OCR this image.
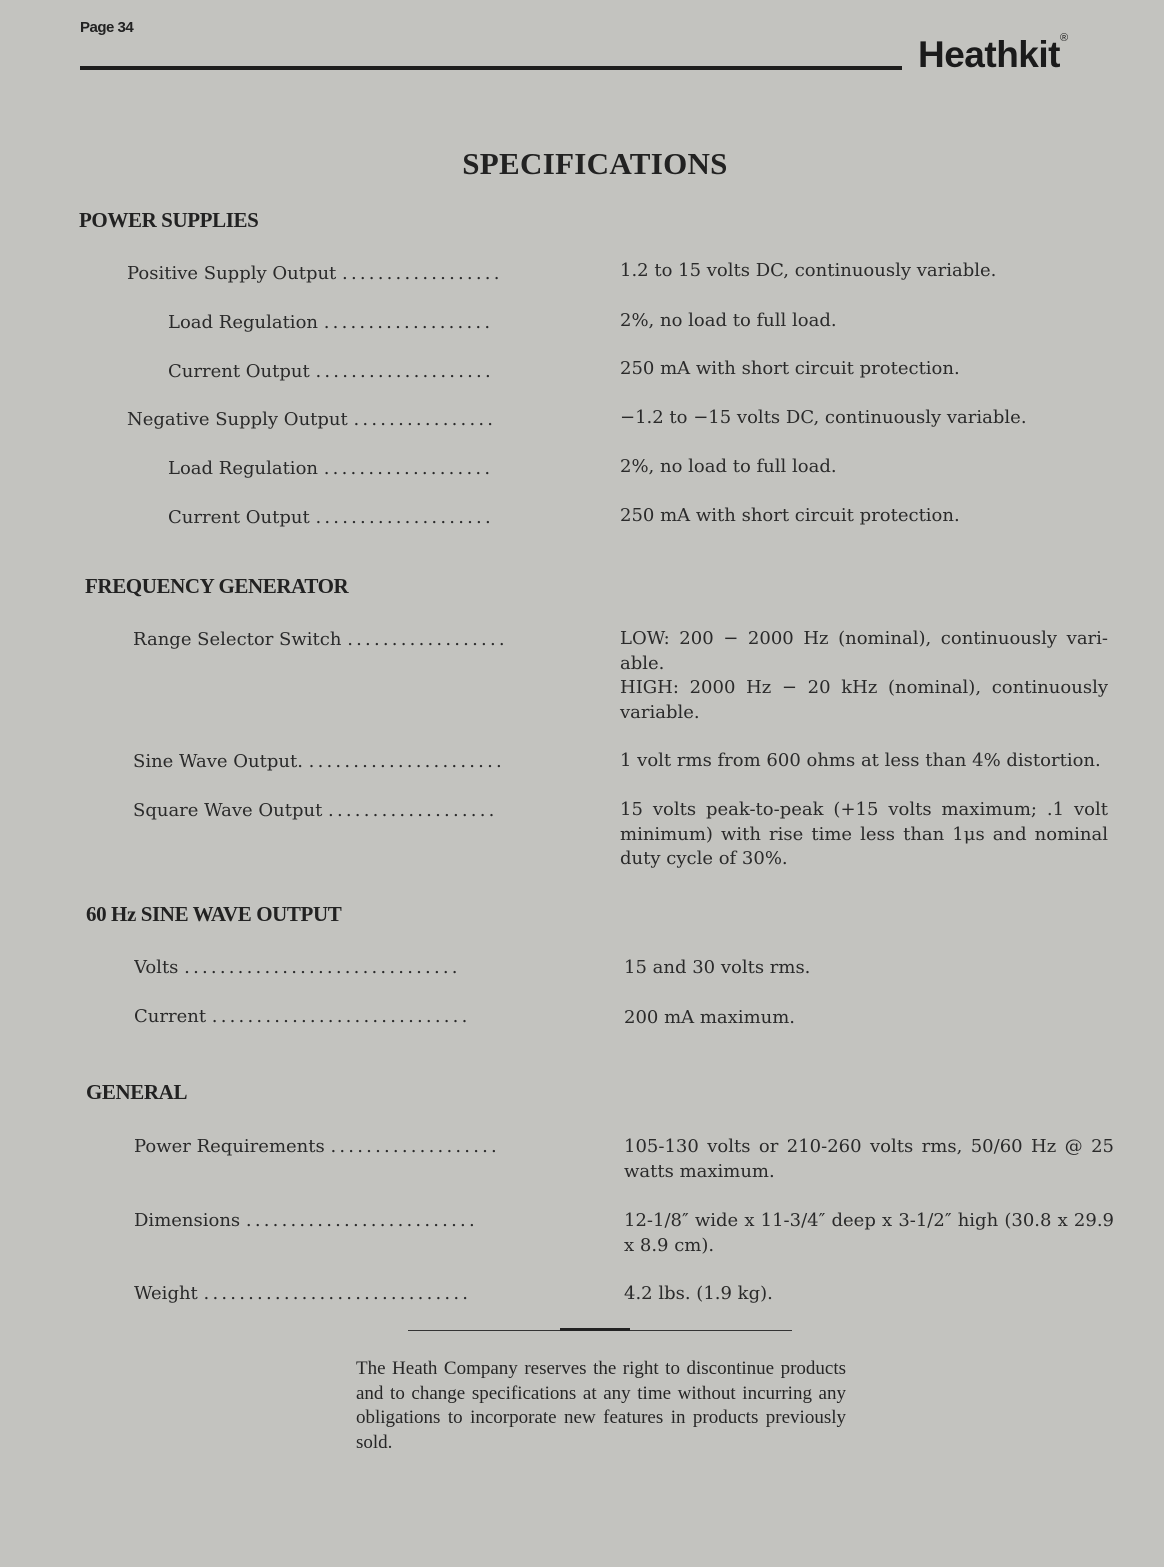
Page 34
Heathkit®
SPECIFICATIONS
POWER SUPPLIES
Positive Supply Output ..................	1.2 to 15 volts DC, continuously variable.
Load Regulation ...................	2%, no load to full load.
Current Output ....................	250 mA with short circuit protection.
Negative Supply Output ................	−1.2 to −15 volts DC, continuously variable.
Load Regulation ...................	2%, no load to full load.
Current Output ....................	250 mA with short circuit protection.
FREQUENCY GENERATOR
Range Selector Switch ..................	LOW: 200 − 2000 Hz (nominal), continuously vari-able.
HIGH: 2000 Hz − 20 kHz (nominal), continuously variable.
Sine Wave Output. ......................	1 volt rms from 600 ohms at less than 4% distortion.
Square Wave Output ...................	15 volts peak-to-peak (+15 volts maximum; .1 volt minimum) with rise time less than 1μs and nominal duty cycle of 30%.
60 Hz SINE WAVE OUTPUT
Volts ...............................	15 and 30 volts rms.
Current .............................	200 mA maximum.
GENERAL
Power Requirements ...................	105-130 volts or 210-260 volts rms, 50/60 Hz @ 25 watts maximum.
Dimensions ..........................	12-1/8″ wide x 11-3/4″ deep x 3-1/2″ high (30.8 x 29.9 x 8.9 cm).
Weight ..............................	4.2 lbs. (1.9 kg).
The Heath Company reserves the right to discontinue products and to change specifications at any time without incurring any obligations to incorporate new features in products previously sold.
